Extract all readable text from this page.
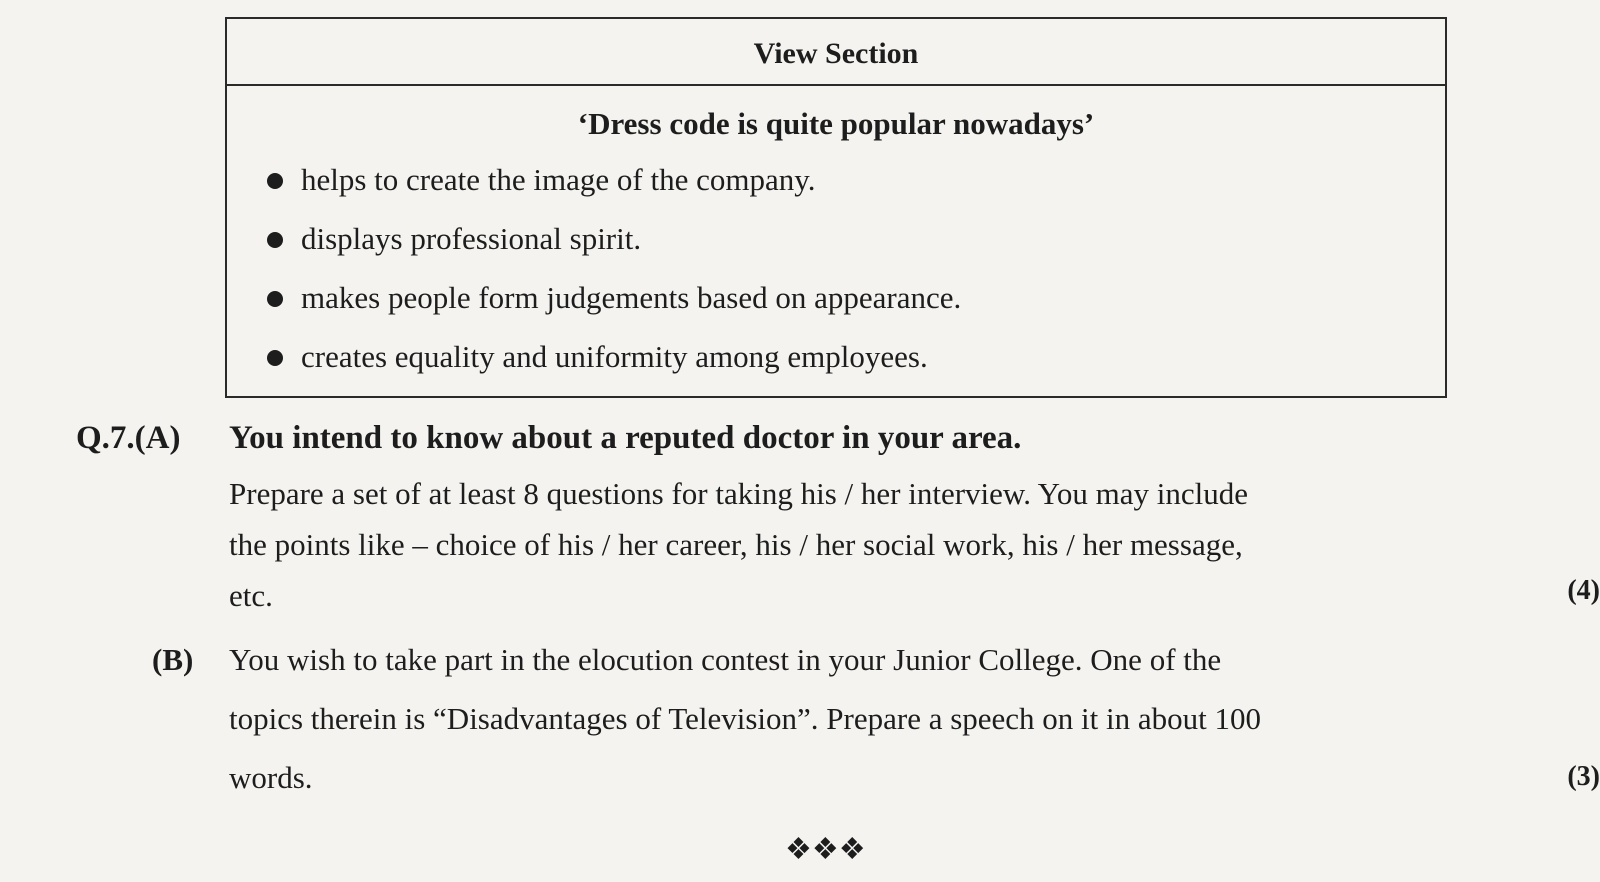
View Section
‘Dress code is quite popular nowadays’
helps to create the image of the company.
displays professional spirit.
makes people form judgements based on appearance.
creates equality and uniformity among employees.
Q.7.(A) You intend to know about a reputed doctor in your area.
Prepare a set of at least 8 questions for taking his / her interview. You may include
the points like – choice of his / her career, his / her social work, his / her message,
etc.	(4)
(B) You wish to take part in the elocution contest in your Junior College. One of the
topics therein is “Disadvantages of Television”. Prepare a speech on it in about 100
words.	(3)
❖❖❖
